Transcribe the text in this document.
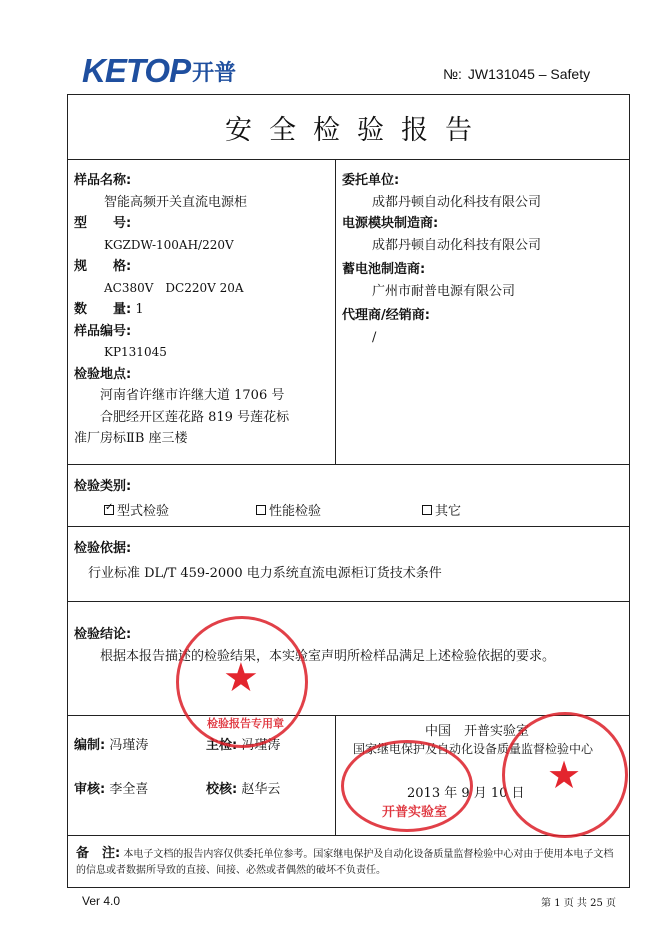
KETOP 开普	№: JW131045 – Safety
安全检验报告
样品名称:
智能高频开关直流电源柜
型　　号:
KGZDW-100AH/220V
规　　格:
AC380V　DC220V 20A
数　　量: 1
样品编号:
KP131045
检验地点:
河南省许继市许继大道 1706 号
合肥经开区莲花路 819 号莲花标
准厂房标ⅡB 座三楼
委托单位:
成都丹顿自动化科技有限公司
电源模块制造商:
成都丹顿自动化科技有限公司
蓄电池制造商:
广州市耐普电源有限公司
代理商/经销商:
/
检验类别:
✓
型式检验	性能检验	其它
检验依据:
行业标准 DL/T 459-2000 电力系统直流电源柜订货技术条件
检验结论:
根据本报告描述的检验结果，本实验室声明所检样品满足上述检验依据的要求。
编制: 冯瑾涛	主检: 冯瑾涛
审核: 李全喜	校核: 赵华云
中国　开普实验室
国家继电保护及自动化设备质量监督检验中心
2013 年 9 月 10 日
备　注: 本电子文档的报告内容仅供委托单位参考。国家继电保护及自动化设备质量监督检验中心对由于使用本电子文档的信息或者数据所导致的直接、间接、必然或者偶然的破坏不负责任。
★
检验报告专用章
开普实验室
★
Ver 4.0	第 1 页 共 25 页
